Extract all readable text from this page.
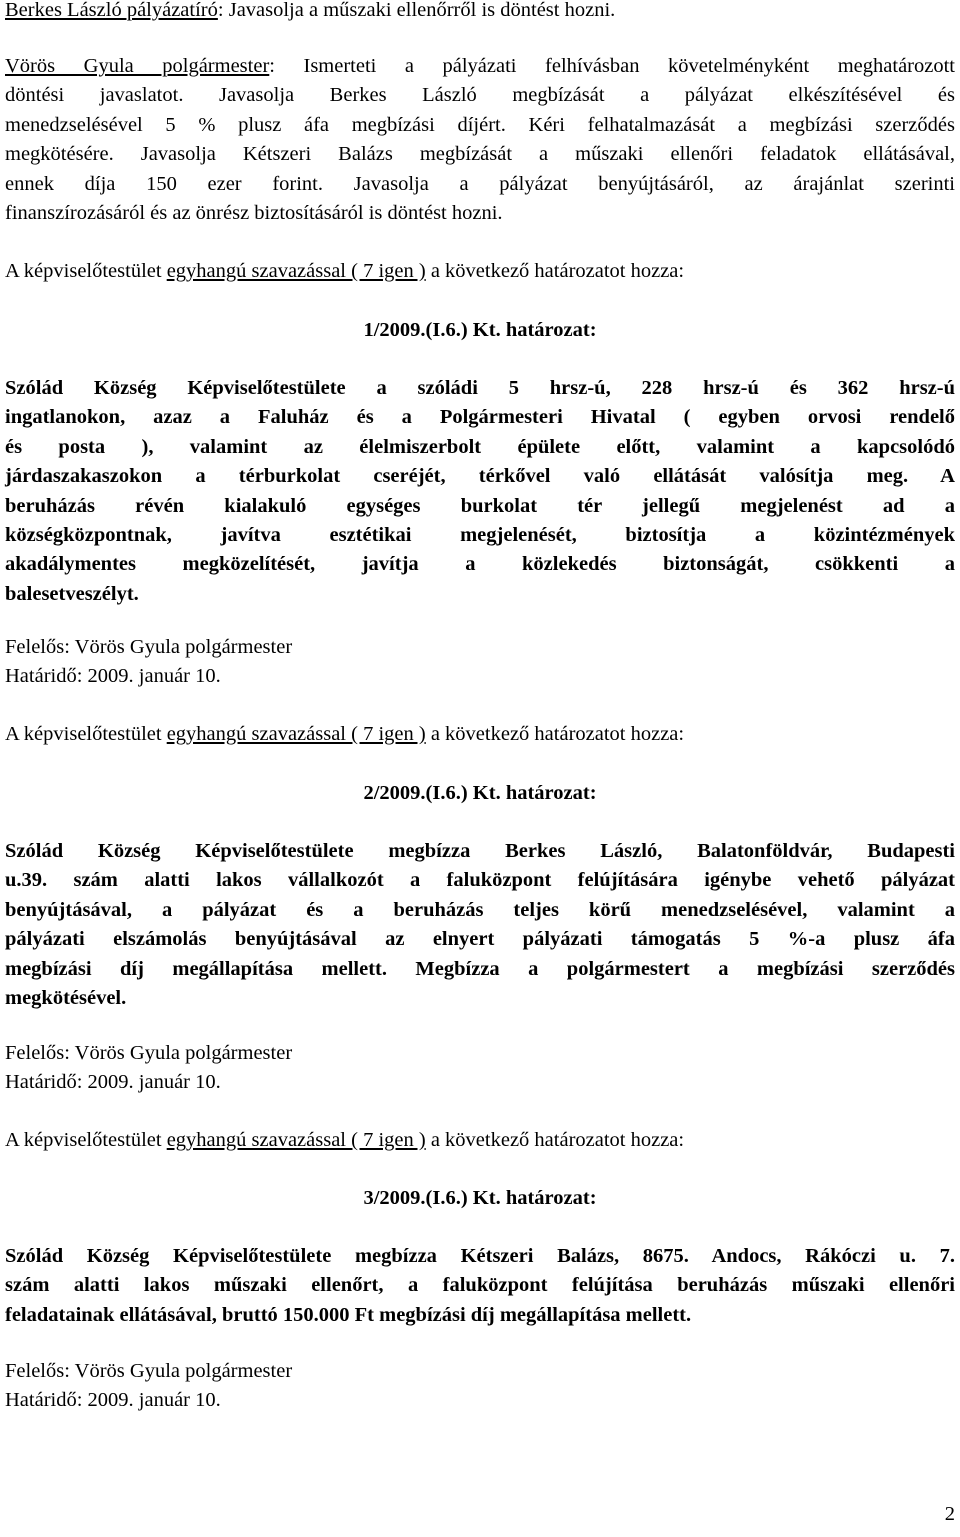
Berkes László pályázatíró: Javasolja a műszaki ellenőrről is döntést hozni.
Vörös Gyula polgármester: Ismerteti a pályázati felhívásban követelményként meghatározott
döntési javaslatot. Javasolja Berkes László megbízását a pályázat elkészítésével és
menedzselésével 5 % plusz áfa megbízási díjért. Kéri felhatalmazását a megbízási szerződés
megkötésére. Javasolja Kétszeri Balázs megbízását a műszaki ellenőri feladatok ellátásával,
ennek díja 150 ezer forint. Javasolja a pályázat benyújtásáról, az árajánlat szerinti
finanszírozásáról és az önrész biztosításáról is döntést hozni.
A képviselőtestület egyhangú szavazással ( 7 igen ) a következő határozatot hozza:
1/2009.(I.6.) Kt. határozat:
Szólád Község Képviselőtestülete a szóládi 5 hrsz-ú, 228 hrsz-ú és 362 hrsz-ú
ingatlanokon, azaz a Faluház és a Polgármesteri Hivatal ( egyben orvosi rendelő
és posta ), valamint az élelmiszerbolt épülete előtt, valamint a kapcsolódó
járdaszakaszokon a térburkolat cseréjét, térkővel való ellátását valósítja meg. A
beruházás révén kialakuló egységes burkolat tér jellegű megjelenést ad a
községközpontnak, javítva esztétikai megjelenését, biztosítja a közintézmények
akadálymentes megközelítését, javítja a közlekedés biztonságát, csökkenti a
balesetveszélyt.
Felelős: Vörös Gyula polgármester
Határidő: 2009. január 10.
A képviselőtestület egyhangú szavazással ( 7 igen ) a következő határozatot hozza:
2/2009.(I.6.) Kt. határozat:
Szólád Község Képviselőtestülete megbízza Berkes László, Balatonföldvár, Budapesti
u.39. szám alatti lakos vállalkozót a faluközpont felújítására igénybe vehető pályázat
benyújtásával, a pályázat és a beruházás teljes körű menedzselésével, valamint a
pályázati elszámolás benyújtásával az elnyert pályázati támogatás 5 %-a plusz áfa
megbízási díj megállapítása mellett. Megbízza a polgármestert a megbízási szerződés
megkötésével.
Felelős: Vörös Gyula polgármester
Határidő: 2009. január 10.
A képviselőtestület egyhangú szavazással ( 7 igen ) a következő határozatot hozza:
3/2009.(I.6.) Kt. határozat:
Szólád Község Képviselőtestülete megbízza Kétszeri Balázs, 8675. Andocs, Rákóczi u. 7.
szám alatti lakos műszaki ellenőrt, a faluközpont felújítása beruházás műszaki ellenőri
feladatainak ellátásával, bruttó 150.000 Ft megbízási díj megállapítása mellett.
Felelős: Vörös Gyula polgármester
Határidő: 2009. január 10.
2
